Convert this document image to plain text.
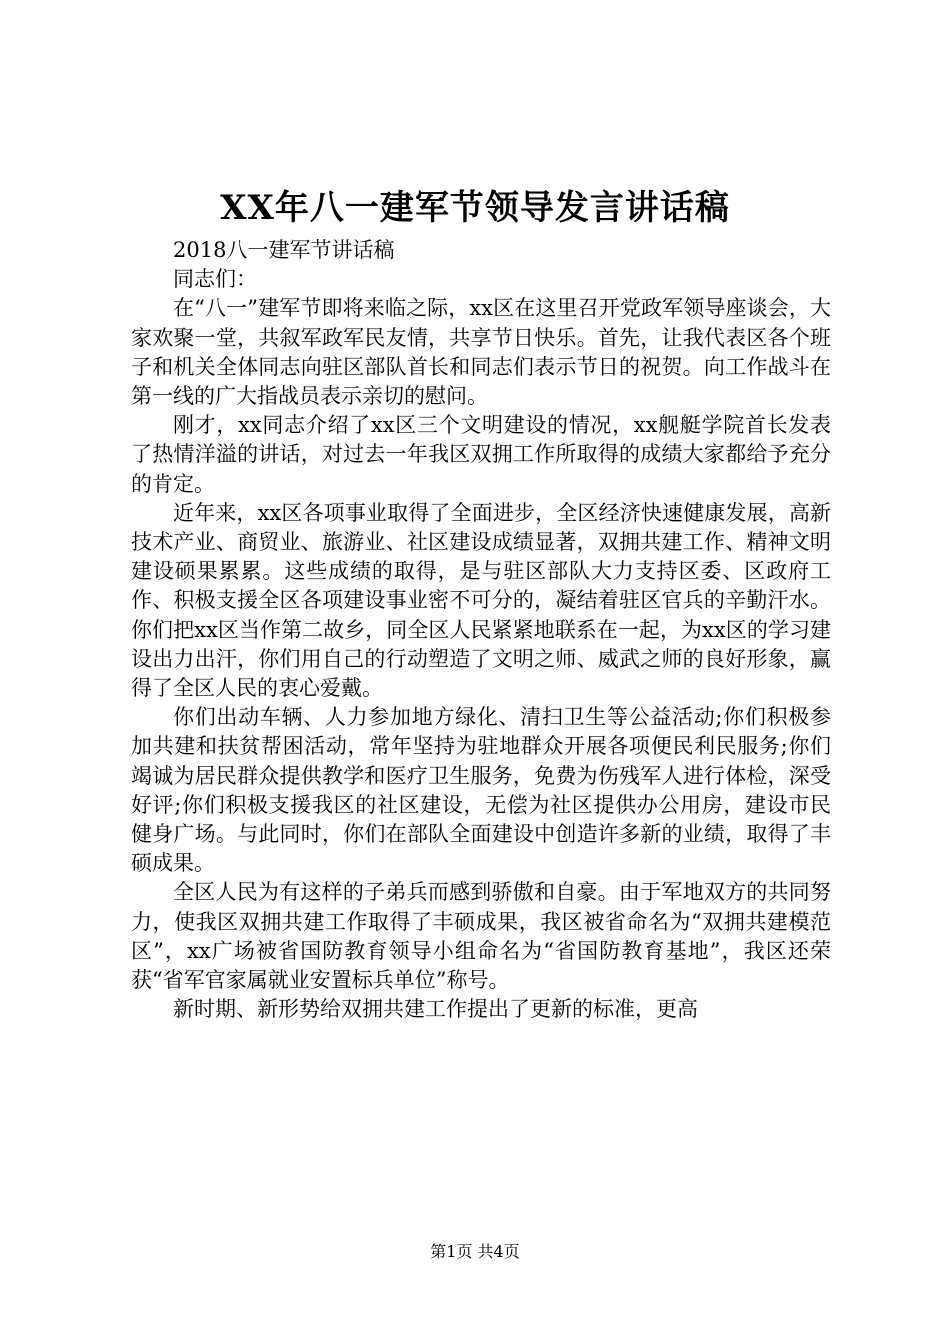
XX年八一建军节领导发言讲话稿

2018八一建军节讲话稿

同志们：

在“八一”建军节即将来临之际，xx区在这里召开党政军领导座谈会，大家欢聚一堂，共叙军政军民友情，共享节日快乐。首先，让我代表区各个班子和机关全体同志向驻区部队首长和同志们表示节日的祝贺。向工作战斗在第一线的广大指战员表示亲切的慰问。

刚才，xx同志介绍了xx区三个文明建设的情况，xx舰艇学院首长发表了热情洋溢的讲话，对过去一年我区双拥工作所取得的成绩大家都给予充分的肯定。

近年来，xx区各项事业取得了全面进步，全区经济快速健康发展，高新技术产业、商贸业、旅游业、社区建设成绩显著，双拥共建工作、精神文明建设硕果累累。这些成绩的取得，是与驻区部队大力支持区委、区政府工作、积极支援全区各项建设事业密不可分的，凝结着驻区官兵的辛勤汗水。你们把xx区当作第二故乡，同全区人民紧紧地联系在一起，为xx区的学习建设出力出汗，你们用自己的行动塑造了文明之师、威武之师的良好形象，赢得了全区人民的衷心爱戴。

你们出动车辆、人力参加地方绿化、清扫卫生等公益活动;你们积极参加共建和扶贫帮困活动，常年坚持为驻地群众开展各项便民利民服务;你们竭诚为居民群众提供教学和医疗卫生服务，免费为伤残军人进行体检，深受好评;你们积极支援我区的社区建设，无偿为社区提供办公用房，建设市民健身广场。与此同时，你们在部队全面建设中创造许多新的业绩，取得了丰硕成果。

全区人民为有这样的子弟兵而感到骄傲和自豪。由于军地双方的共同努力，使我区双拥共建工作取得了丰硕成果，我区被省命名为“双拥共建模范区”，xx广场被省国防教育领导小组命名为“省国防教育基地”，我区还荣获“省军官家属就业安置标兵单位”称号。

新时期、新形势给双拥共建工作提出了更新的标准，更高

第1页 共4页
